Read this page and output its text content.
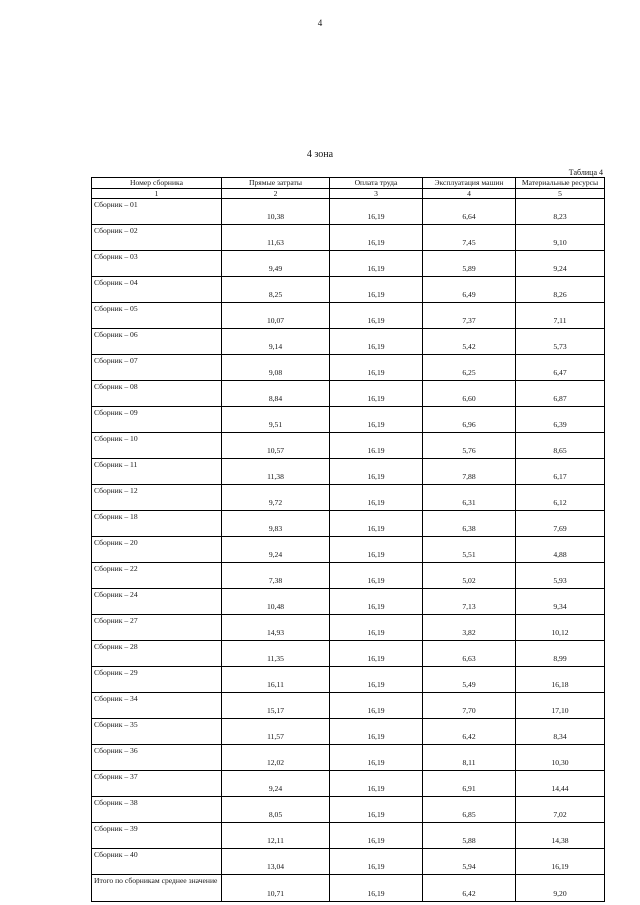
4
4 зона
Таблица 4
Номер сборника	Прямые затраты	Оплата труда	Эксплуатация машин	Материальные ресурсы
1	2	3	4	5
Сборник – 01	10,38	16,19	6,64	8,23
Сборник – 02	11,63	16,19	7,45	9,10
Сборник – 03	9,49	16,19	5,89	9,24
Сборник – 04	8,25	16,19	6,49	8,26
Сборник – 05	10,07	16,19	7,37	7,11
Сборник – 06	9,14	16,19	5,42	5,73
Сборник – 07	9,08	16,19	6,25	6,47
Сборник – 08	8,84	16,19	6,60	6,87
Сборник – 09	9,51	16,19	6,96	6,39
Сборник – 10	10,57	16.19	5,76	8,65
Сборник – 11	11,38	16,19	7,88	6,17
Сборник – 12	9,72	16,19	6,31	6,12
Сборник – 18	9,83	16,19	6,38	7,69
Сборник – 20	9,24	16,19	5,51	4,88
Сборник – 22	7,38	16,19	5,02	5,93
Сборник – 24	10,48	16,19	7,13	9,34
Сборник – 27	14,93	16,19	3,82	10,12
Сборник – 28	11,35	16,19	6,63	8,99
Сборник – 29	16,11	16,19	5,49	16,18
Сборник – 34	15,17	16,19	7,70	17,10
Сборник – 35	11,57	16,19	6,42	8,34
Сборник – 36	12,02	16,19	8,11	10,30
Сборник – 37	9,24	16,19	6,91	14,44
Сборник – 38	8,05	16,19	6,85	7,02
Сборник – 39	12,11	16,19	5,88	14,38
Сборник – 40	13,04	16,19	5,94	16,19
Итого по сборникам среднее значение	10,71	16,19	6,42	9,20
